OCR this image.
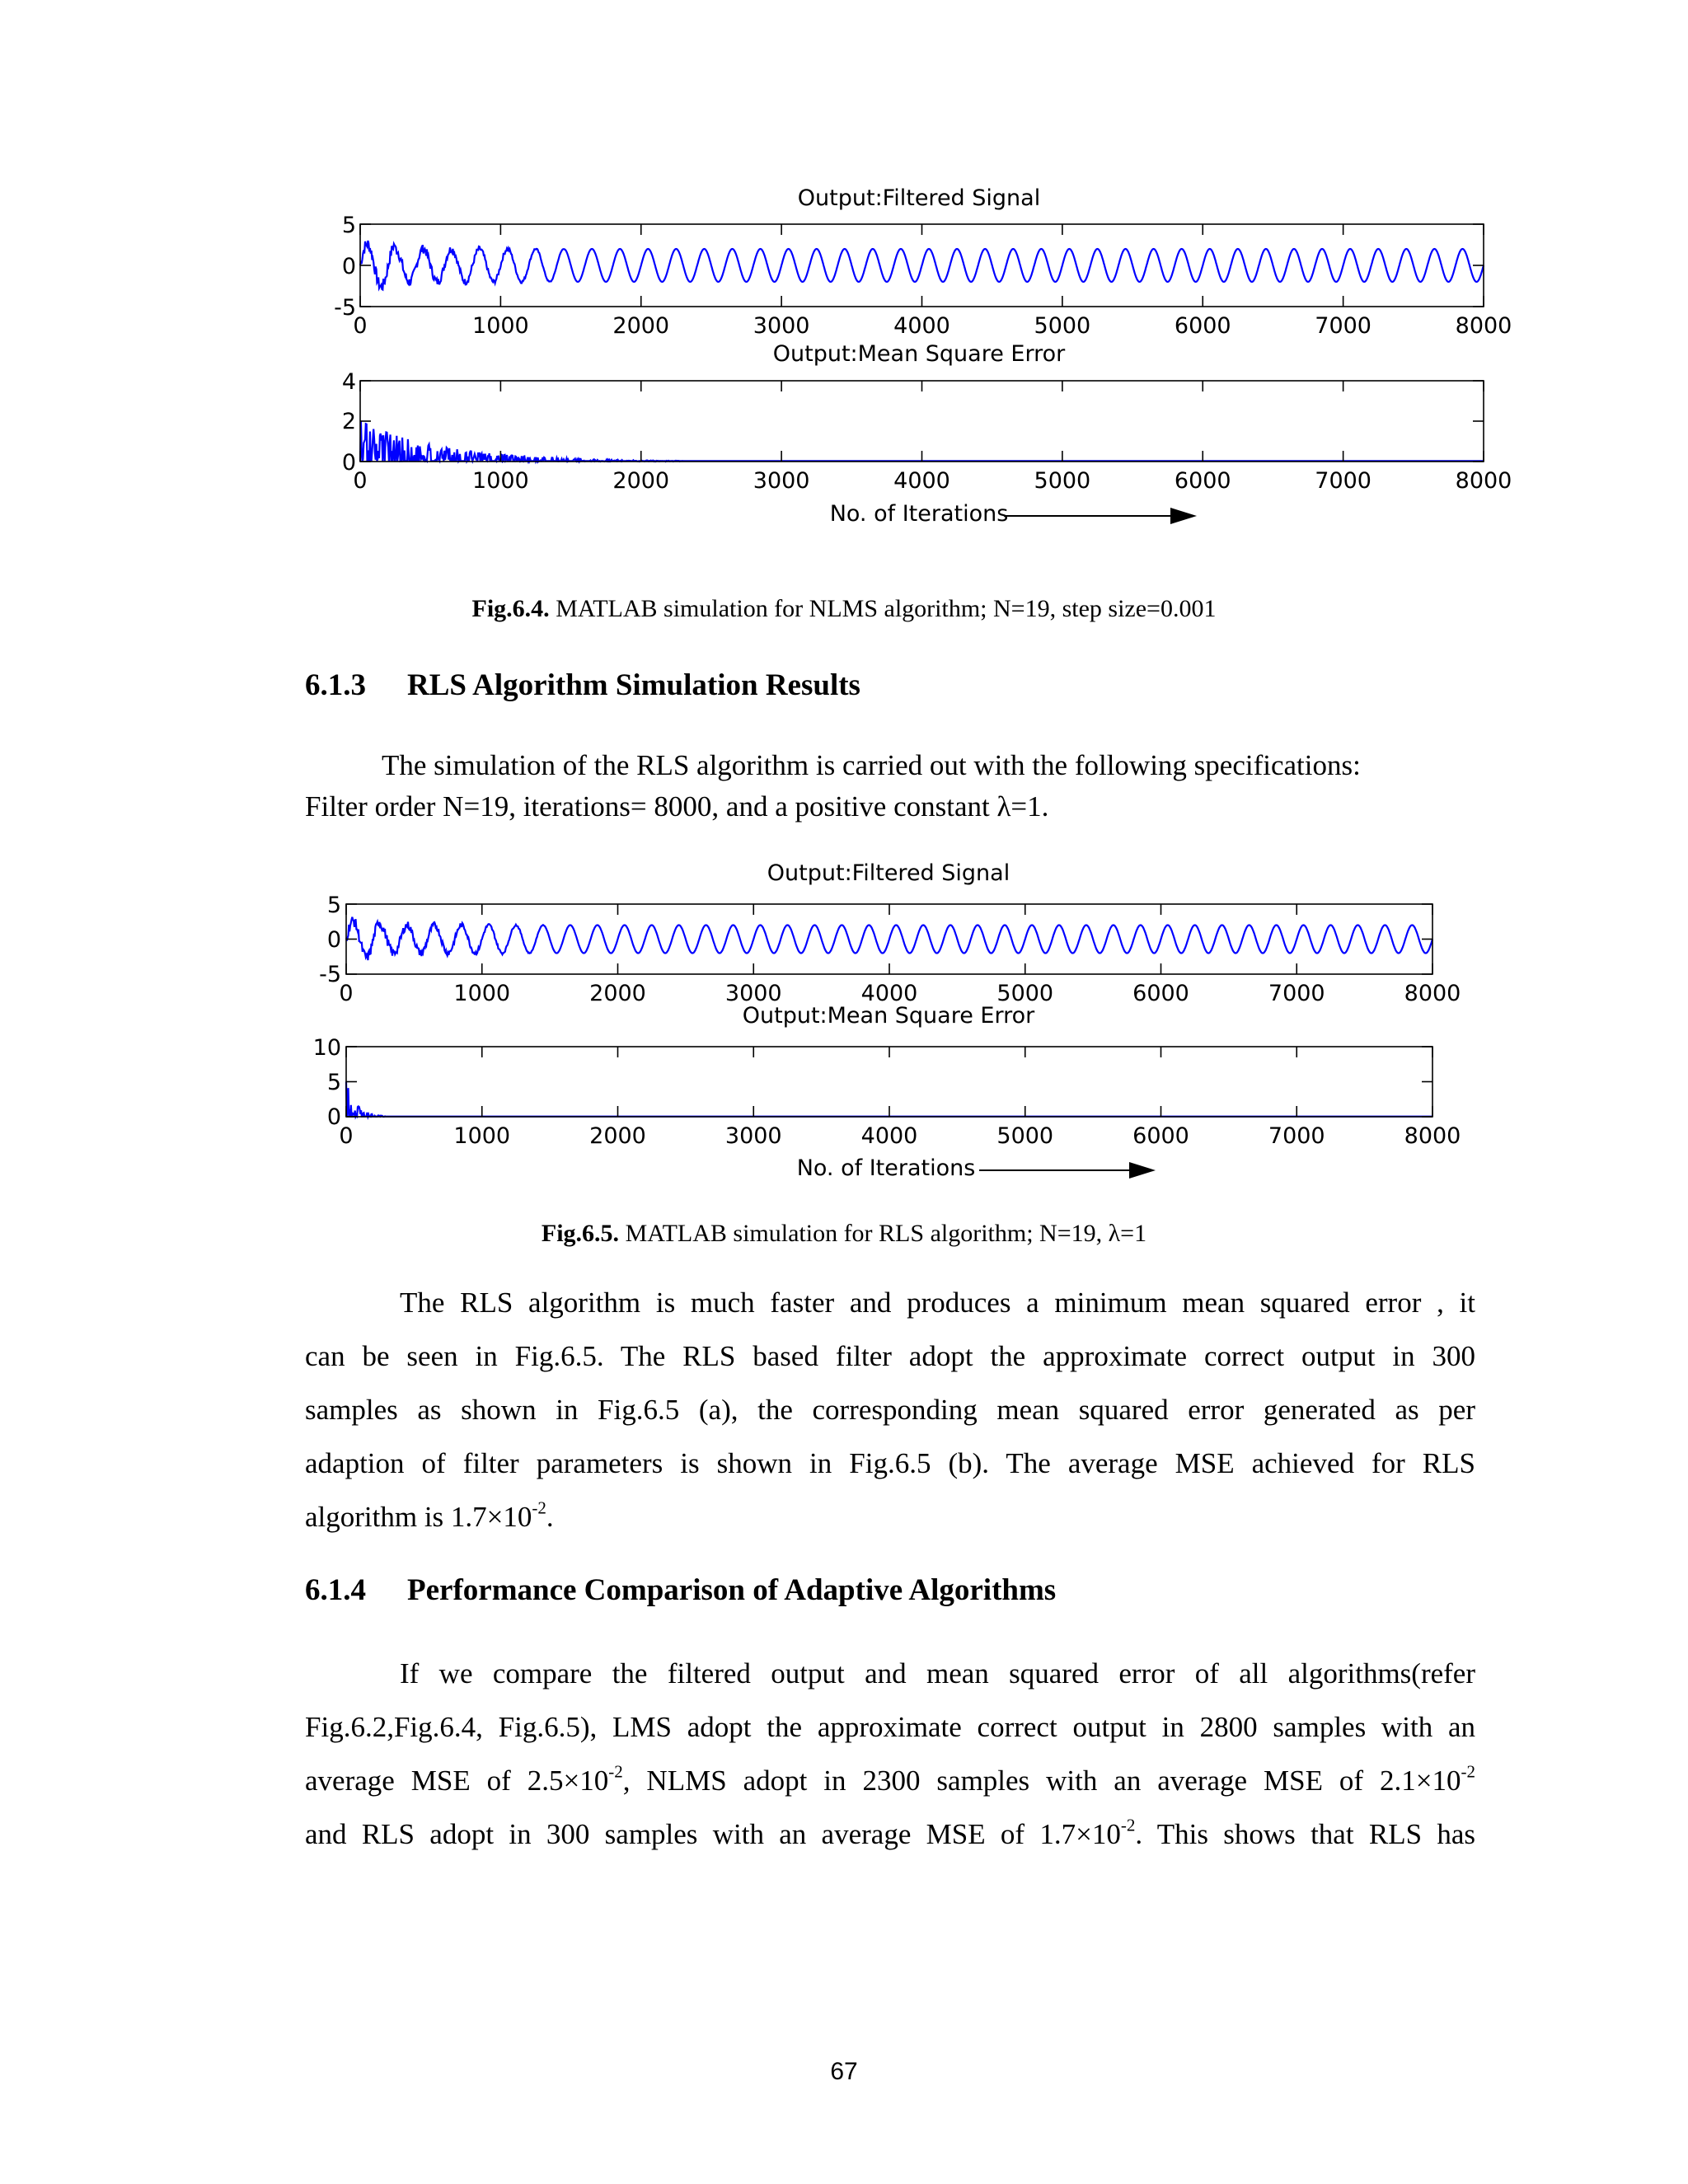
Output:Filtered Signal
0	1000	2000	3000	4000	5000	6000	7000	8000
5
0
-5
Output:Mean Square Error
0	1000	2000	3000	4000	5000	6000	7000	8000
4
2
0
No. of Iterations
Fig.6.4. MATLAB simulation for NLMS algorithm; N=19, step size=0.001
6.1.3 RLS Algorithm Simulation Results
The simulation of the RLS algorithm is carried out with the following specifications:
Filter order N=19, iterations= 8000, and a positive constant λ=1.
Output:Filtered Signal
0	1000	2000	3000	4000	5000	6000	7000	8000
5
0
-5
Output:Mean Square Error
0	1000	2000	3000	4000	5000	6000	7000	8000
10
5
0
No. of Iterations
Fig.6.5. MATLAB simulation for RLS algorithm; N=19, λ=1
The RLS algorithm is much faster and produces a minimum mean squared error , it
can be seen in Fig.6.5. The RLS based filter adopt the approximate correct output in 300
samples as shown in Fig.6.5 (a), the corresponding mean squared error generated as per
adaption of filter parameters is shown in Fig.6.5 (b). The average MSE achieved for RLS
algorithm is $1.7\times 10^{-2}$.
6.1.4 Performance Comparison of Adaptive Algorithms
If we compare the filtered output and mean squared error of all algorithms(refer
Fig.6.2,Fig.6.4, Fig.6.5), LMS adopt the approximate correct output in 2800 samples with an
average MSE of $2.5\times 10^{-2}$, NLMS adopt in 2300 samples with an average MSE of $2.1\times 10^{-2}$
and RLS adopt in 300 samples with an average MSE of $1.7\times 10^{-2}$. This shows that RLS has
67
